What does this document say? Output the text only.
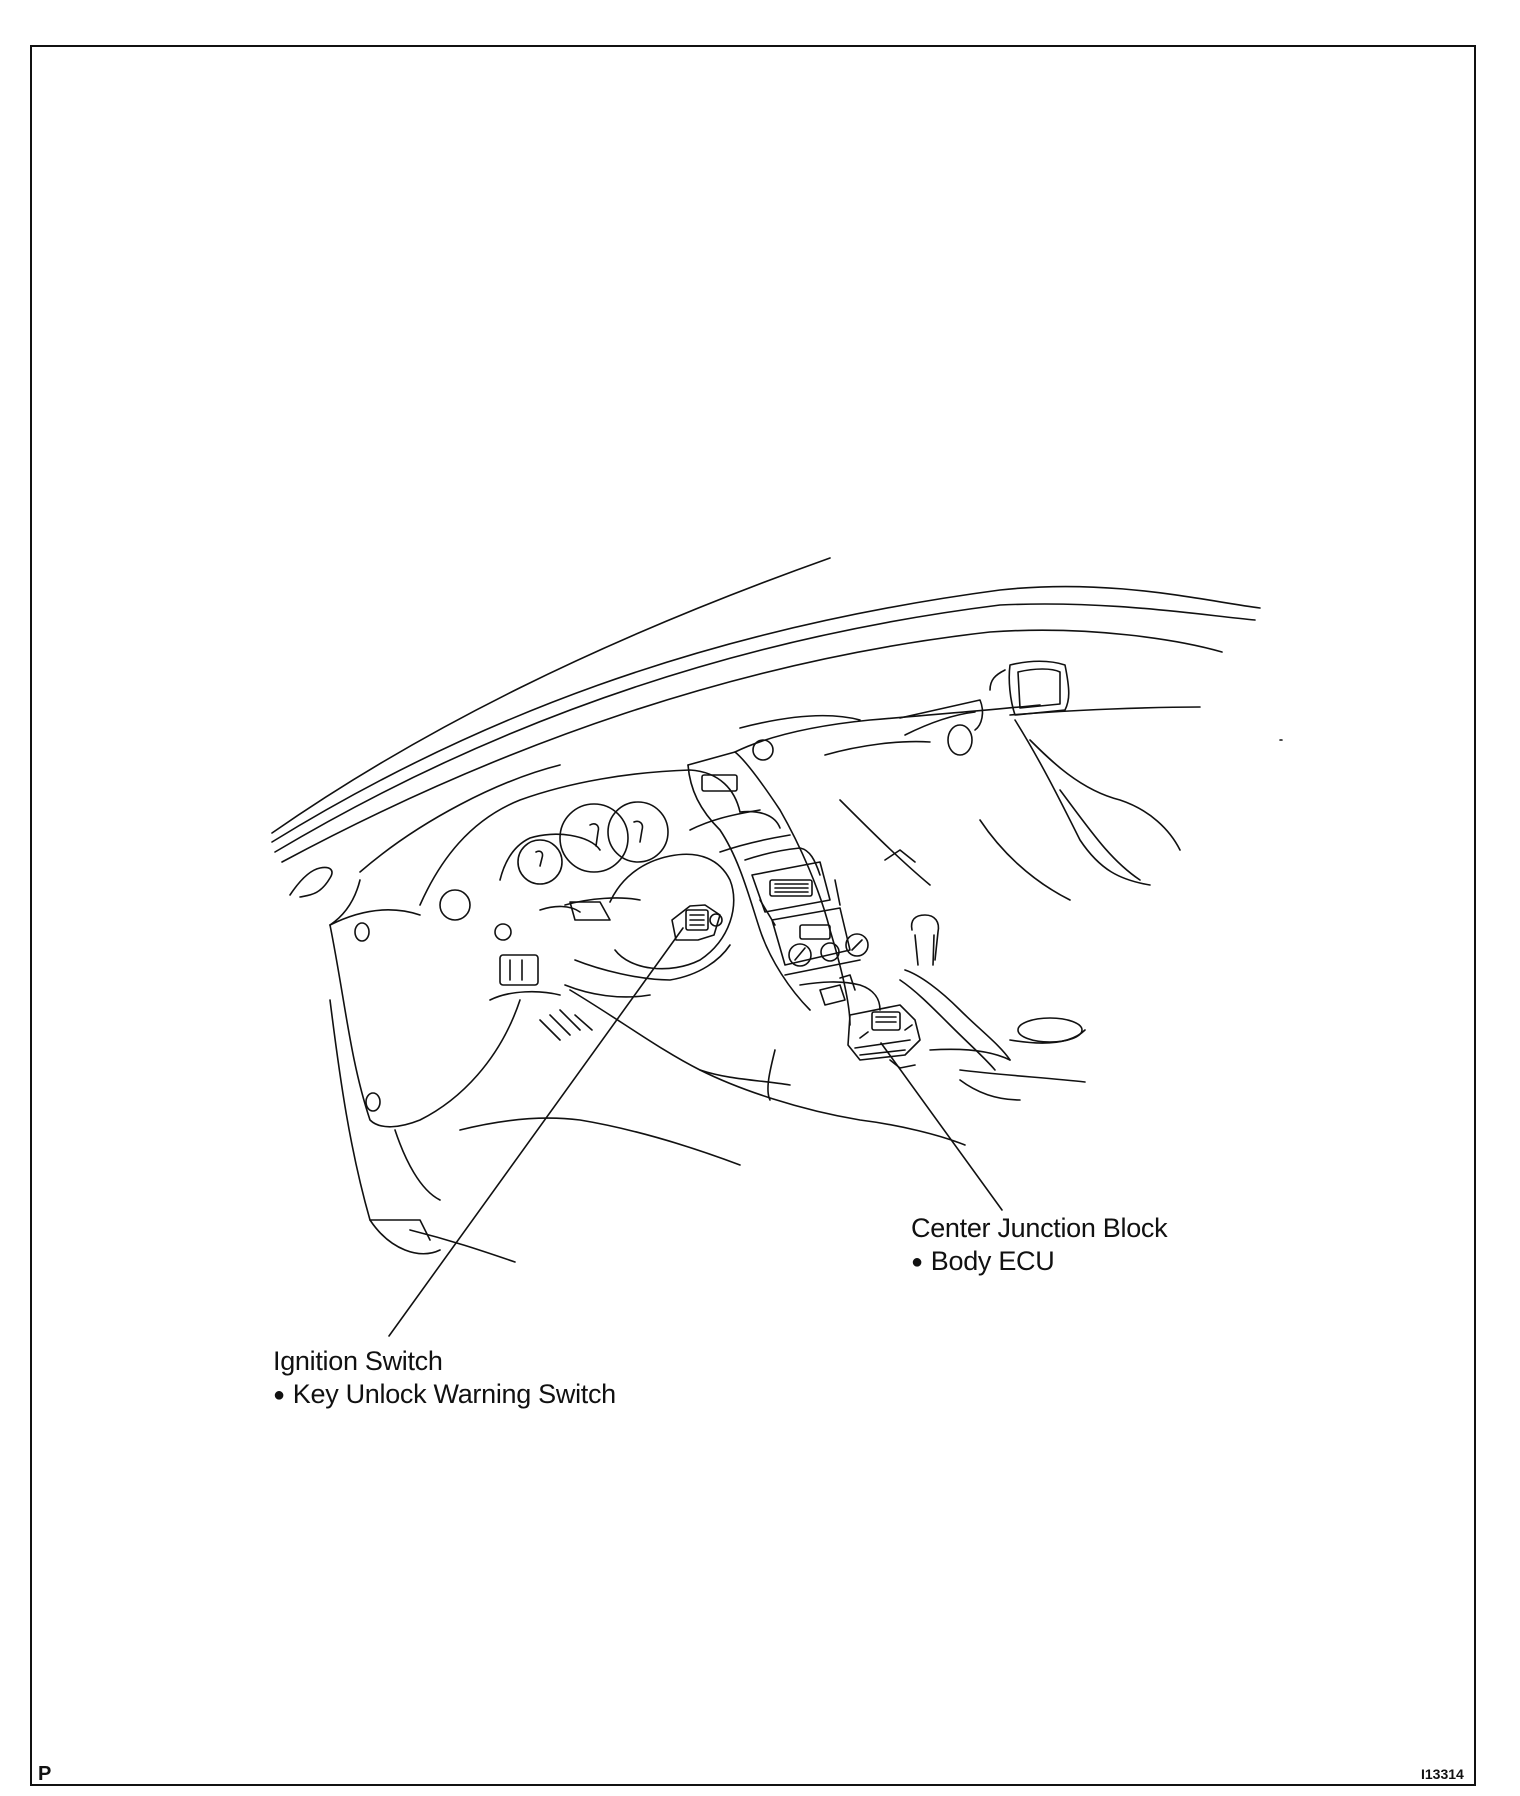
Ignition Switch
● Key Unlock Warning Switch
Center Junction Block
● Body ECU
P	I13314
